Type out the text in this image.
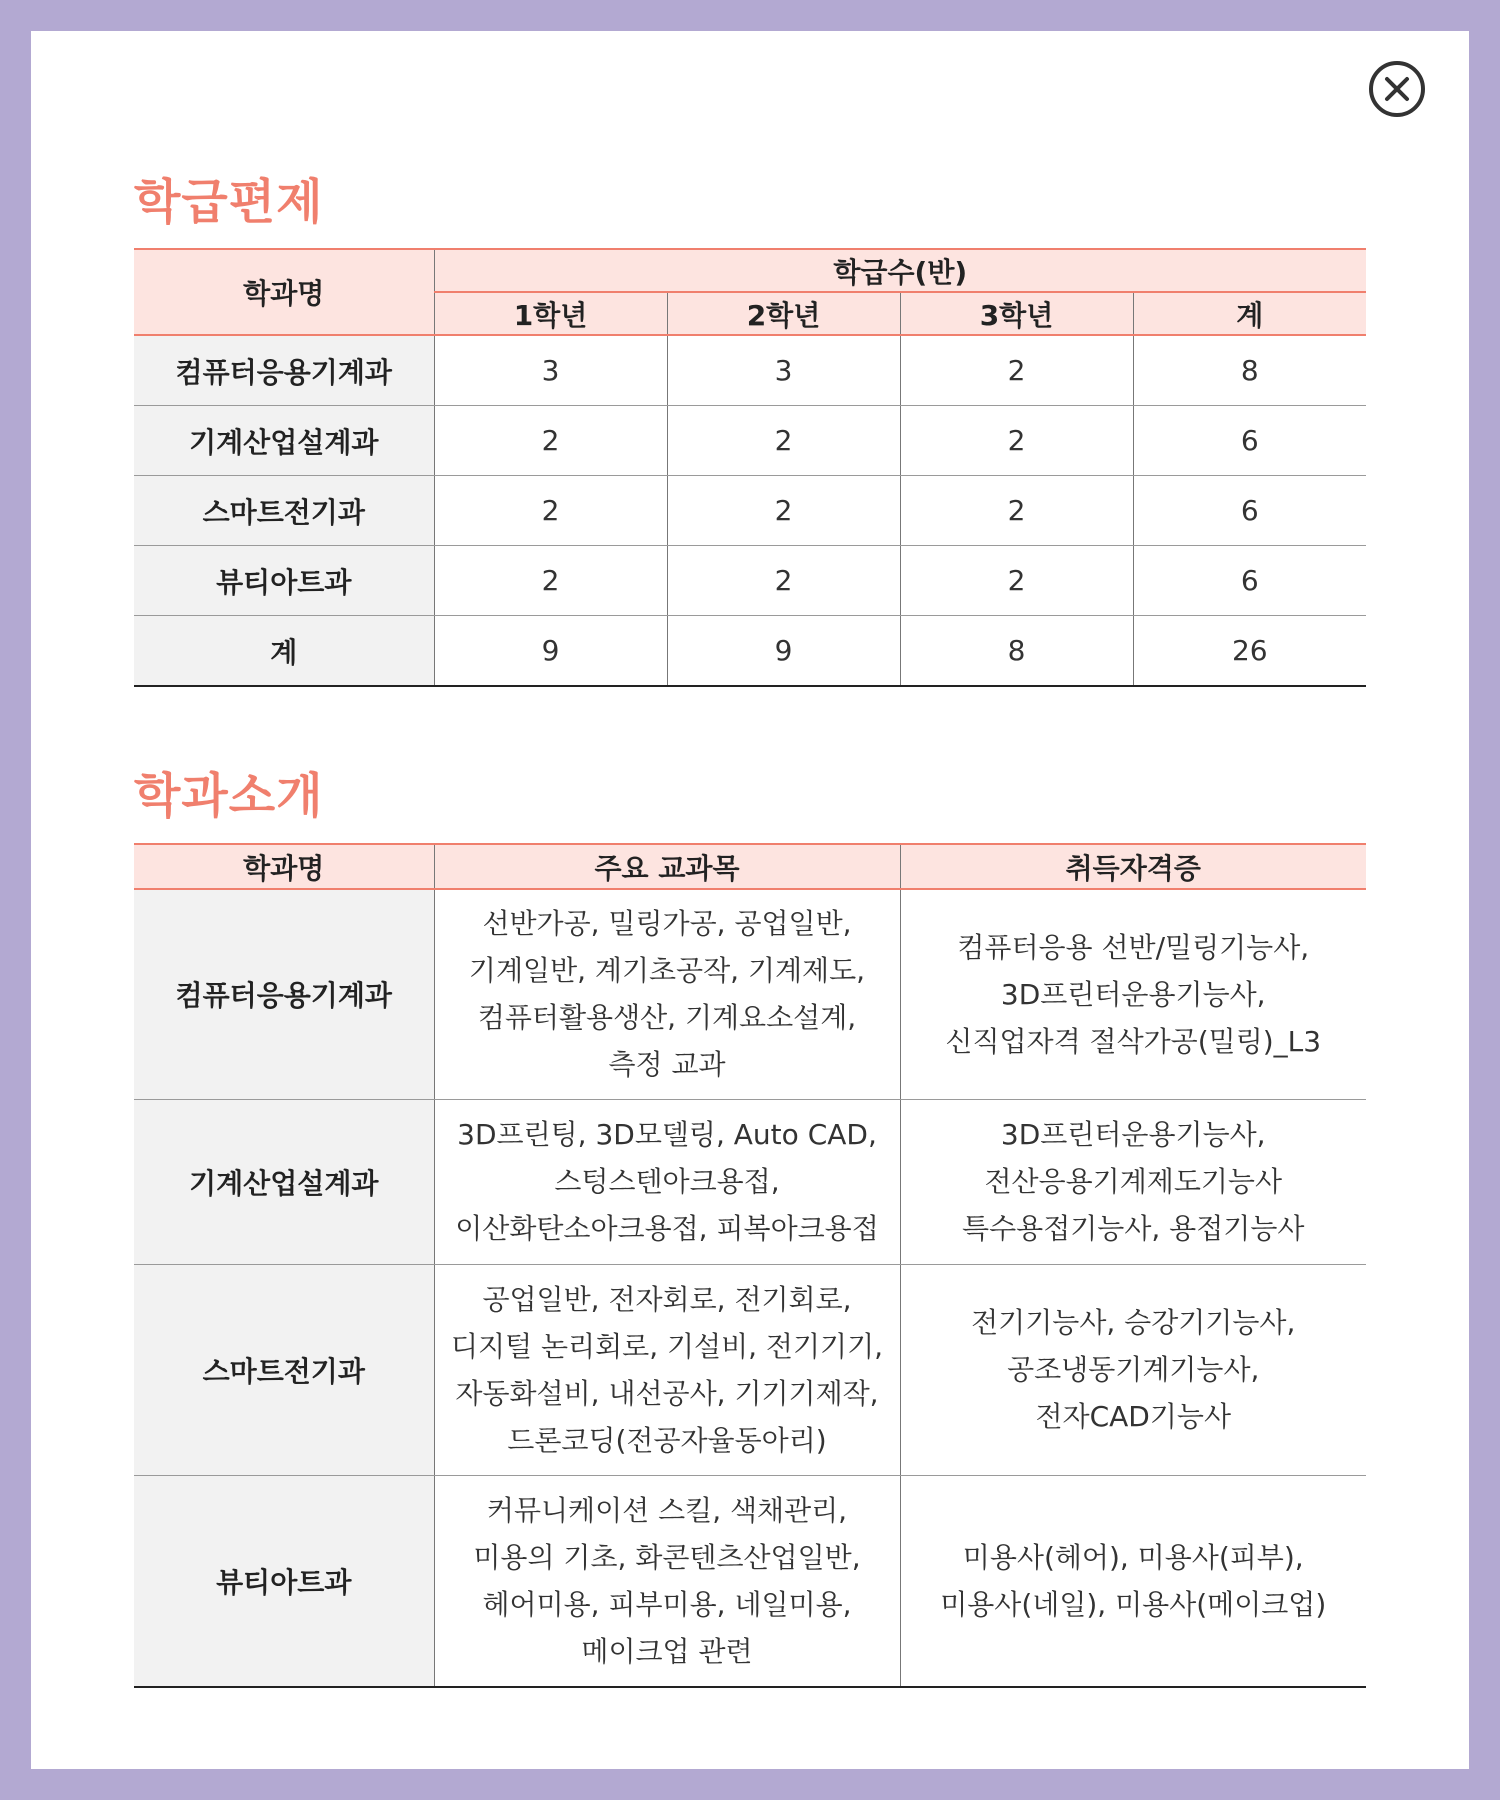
학급편제
학과명	학급수(반)			
	1학년	2학년	3학년	계
컴퓨터응용기계과	3	3	2	8
기계산업설계과	2	2	2	6
스마트전기과	2	2	2	6
뷰티아트과	2	2	2	6
계	9	9	8	26
학과소개
학과명	주요 교과목	취득자격증
컴퓨터응용기계과	선반가공, 밀링가공, 공업일반,
기계일반, 계기초공작, 기계제도,
컴퓨터활용생산, 기계요소설계,
측정 교과	컴퓨터응용 선반/밀링기능사,
3D프린터운용기능사,
신직업자격 절삭가공(밀링)_L3
기계산업설계과	3D프린팅, 3D모델링, Auto CAD,
스텅스텐아크용접,
이산화탄소아크용접, 피복아크용접	3D프린터운용기능사,
전산응용기계제도기능사
특수용접기능사, 용접기능사
스마트전기과	공업일반, 전자회로, 전기회로,
디지털 논리회로, 기설비, 전기기기,
자동화설비, 내선공사, 기기기제작,
드론코딩(전공자율동아리)	전기기능사, 승강기기능사,
공조냉동기계기능사,
전자CAD기능사
뷰티아트과	커뮤니케이션 스킬, 색채관리,
미용의 기초, 화콘텐츠산업일반,
헤어미용, 피부미용, 네일미용,
메이크업 관련	미용사(헤어), 미용사(피부),
미용사(네일), 미용사(메이크업)
